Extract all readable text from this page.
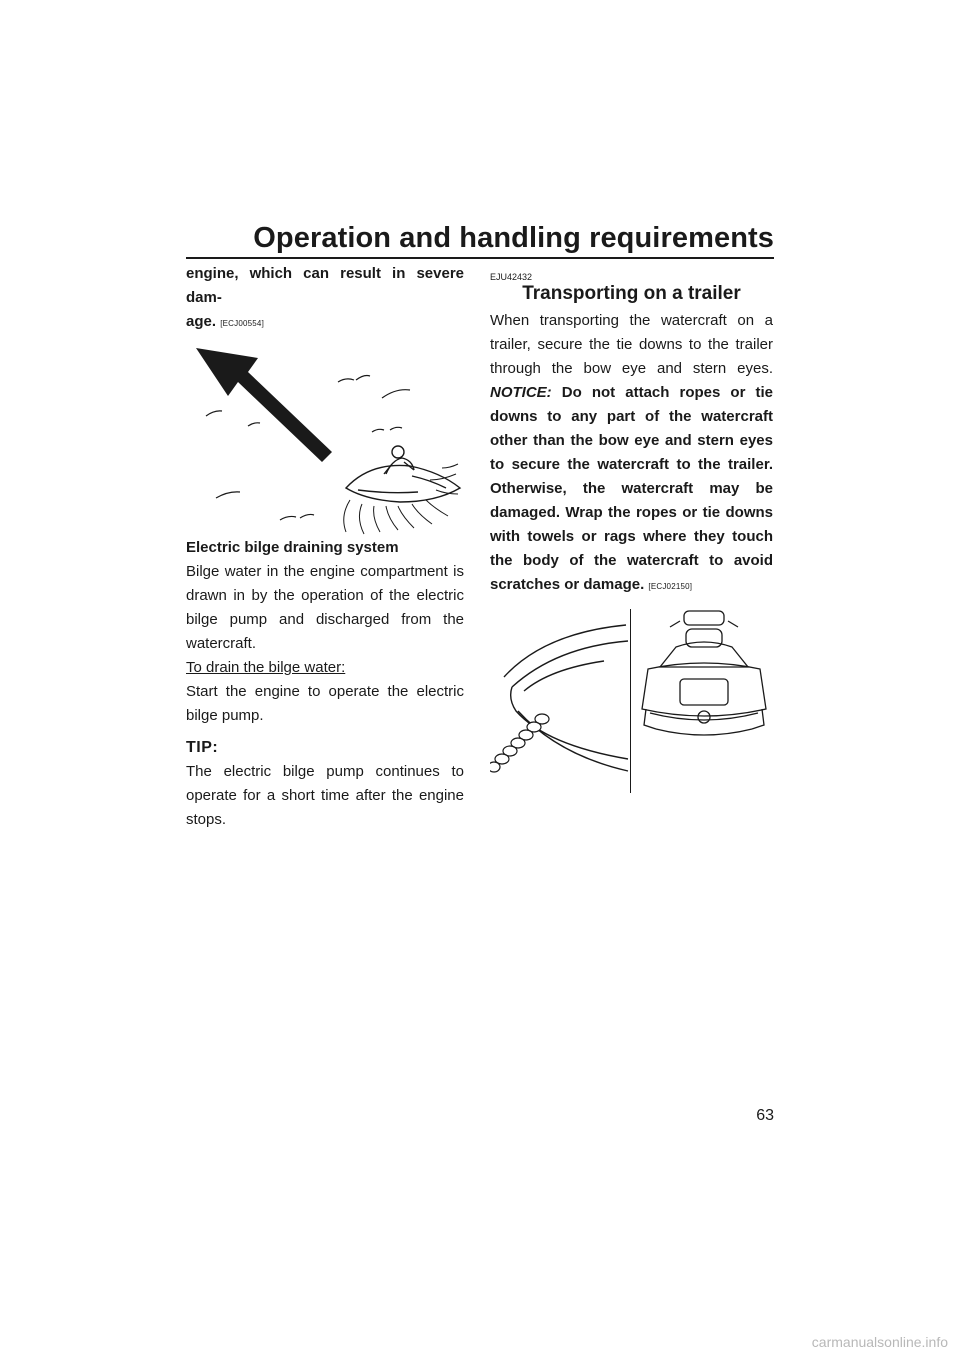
Operation and handling requirements
engine, which can result in severe dam-
age. [ECJ00554]
Electric bilge draining system
Bilge water in the engine compartment is drawn in by the operation of the electric bilge pump and discharged from the watercraft.
To drain the bilge water:
Start the engine to operate the electric bilge pump.
TIP:
The electric bilge pump continues to operate for a short time after the engine stops.
EJU42432
Transporting on a trailer
When transporting the watercraft on a trailer, secure the tie downs to the trailer through the bow eye and stern eyes. NOTICE: Do not attach ropes or tie downs to any part of the watercraft other than the bow eye and stern eyes to secure the watercraft to the trailer. Otherwise, the watercraft may be damaged. Wrap the ropes or tie downs with towels or rags where they touch the body of the watercraft to avoid scratches or damage. [ECJ02150]
63
carmanualsonline.info
